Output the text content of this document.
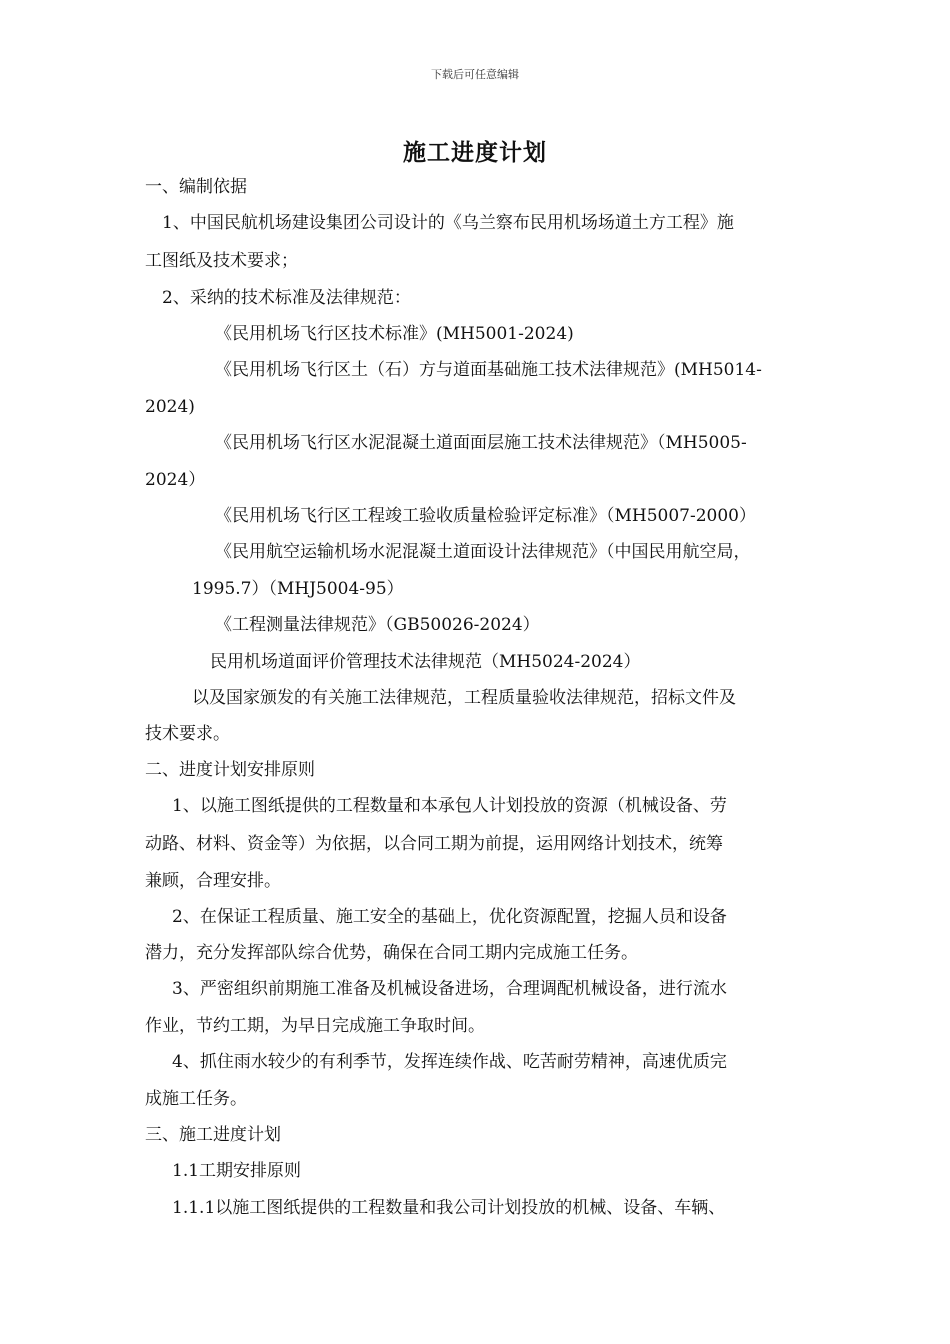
下载后可任意编辑
施工进度计划
一、编制依据
1、中国民航机场建设集团公司设计的《乌兰察布民用机场场道土方工程》施
工图纸及技术要求；
2、采纳的技术标准及法律规范：
《民用机场飞行区技术标准》(MH5001-2024)
《民用机场飞行区土（石）方与道面基础施工技术法律规范》(MH5014-
2024)
《民用机场飞行区水泥混凝土道面面层施工技术法律规范》（MH5005-
2024）
《民用机场飞行区工程竣工验收质量检验评定标准》（MH5007-2000）
《民用航空运输机场水泥混凝土道面设计法律规范》（中国民用航空局，
1995.7）（MHJ5004-95）
《工程测量法律规范》（GB50026-2024）
民用机场道面评价管理技术法律规范（MH5024-2024）
以及国家颁发的有关施工法律规范，工程质量验收法律规范，招标文件及
技术要求。
二、进度计划安排原则
1、以施工图纸提供的工程数量和本承包人计划投放的资源（机械设备、劳
动路、材料、资金等）为依据，以合同工期为前提，运用网络计划技术，统筹
兼顾，合理安排。
2、在保证工程质量、施工安全的基础上，优化资源配置，挖掘人员和设备
潜力，充分发挥部队综合优势，确保在合同工期内完成施工任务。
3、严密组织前期施工准备及机械设备进场，合理调配机械设备，进行流水
作业，节约工期，为早日完成施工争取时间。
4、抓住雨水较少的有利季节，发挥连续作战、吃苦耐劳精神，高速优质完
成施工任务。
三、施工进度计划
1.1工期安排原则
1.1.1以施工图纸提供的工程数量和我公司计划投放的机械、设备、车辆、
